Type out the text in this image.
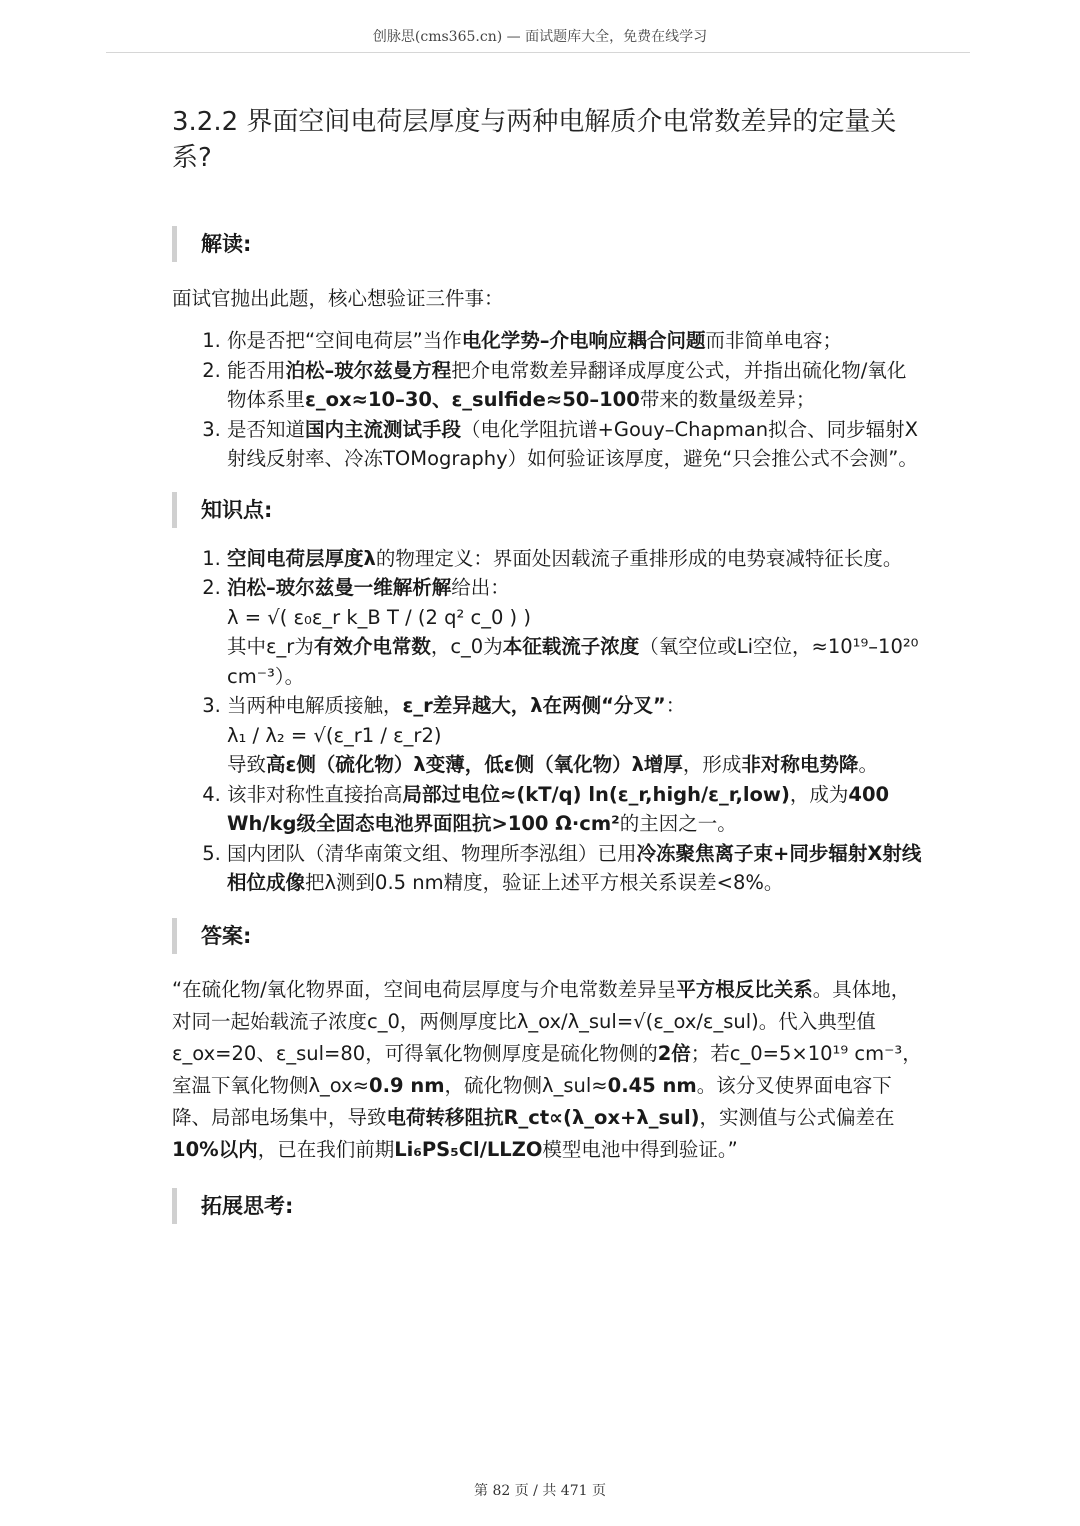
创脉思(cms365.cn) — 面试题库大全，免费在线学习
3.2.2 界面空间电荷层厚度与两种电解质介电常数差异的定量关系?
解读:

面试官抛出此题，核心想验证三件事：

1. 你是否把“空间电荷层”当作电化学势–介电响应耦合问题而非简单电容；
2. 能否用泊松–玻尔兹曼方程把介电常数差异翻译成厚度公式，并指出硫化物/氧化物体系里ε_ox≈10–30、ε_sulfide≈50–100带来的数量级差异；
3. 是否知道国内主流测试手段（电化学阻抗谱+Gouy–Chapman拟合、同步辐射X射线反射率、冷冻TOMography）如何验证该厚度，避免“只会推公式不会测”。
知识点:
1. 空间电荷层厚度λ的物理定义：界面处因载流子重排形成的电势衰减特征长度。
2. 泊松–玻尔兹曼一维解析解给出：
λ = √( ε₀ε_r k_B T / (2 q² c_0 ) )
其中ε_r为有效介电常数，c_0为本征载流子浓度（氧空位或Li空位，≈10¹⁹–10²⁰ cm⁻³）。
3. 当两种电解质接触，ε_r差异越大，λ在两侧“分叉”：
λ₁ / λ₂ = √(ε_r1 / ε_r2)
导致高ε侧（硫化物）λ变薄，低ε侧（氧化物）λ增厚，形成非对称电势降。
4. 该非对称性直接抬高局部过电位≈(kT/q) ln(ε_r,high/ε_r,low)，成为400 Wh/kg级全固态电池界面阻抗>100 Ω·cm²的主因之一。
5. 国内团队（清华南策文组、物理所李泓组）已用冷冻聚焦离子束+同步辐射X射线相位成像把λ测到0.5 nm精度，验证上述平方根关系误差<8%。
答案:

“在硫化物/氧化物界面，空间电荷层厚度与介电常数差异呈平方根反比关系。具体地，对同一起始载流子浓度c_0，两侧厚度比λ_ox/λ_sul=√(ε_ox/ε_sul)。代入典型值ε_ox=20、ε_sul=80，可得氧化物侧厚度是硫化物侧的2倍；若c_0=5×10¹⁹ cm⁻³，室温下氧化物侧λ_ox≈0.9 nm，硫化物侧λ_sul≈0.45 nm。该分叉使界面电容下降、局部电场集中，导致电荷转移阻抗R_ct∝(λ_ox+λ_sul)，实测值与公式偏差在10%以内，已在我们前期Li₆PS₅Cl/LLZO模型电池中得到验证。”

拓展思考:
第 82 页 / 共 471 页
